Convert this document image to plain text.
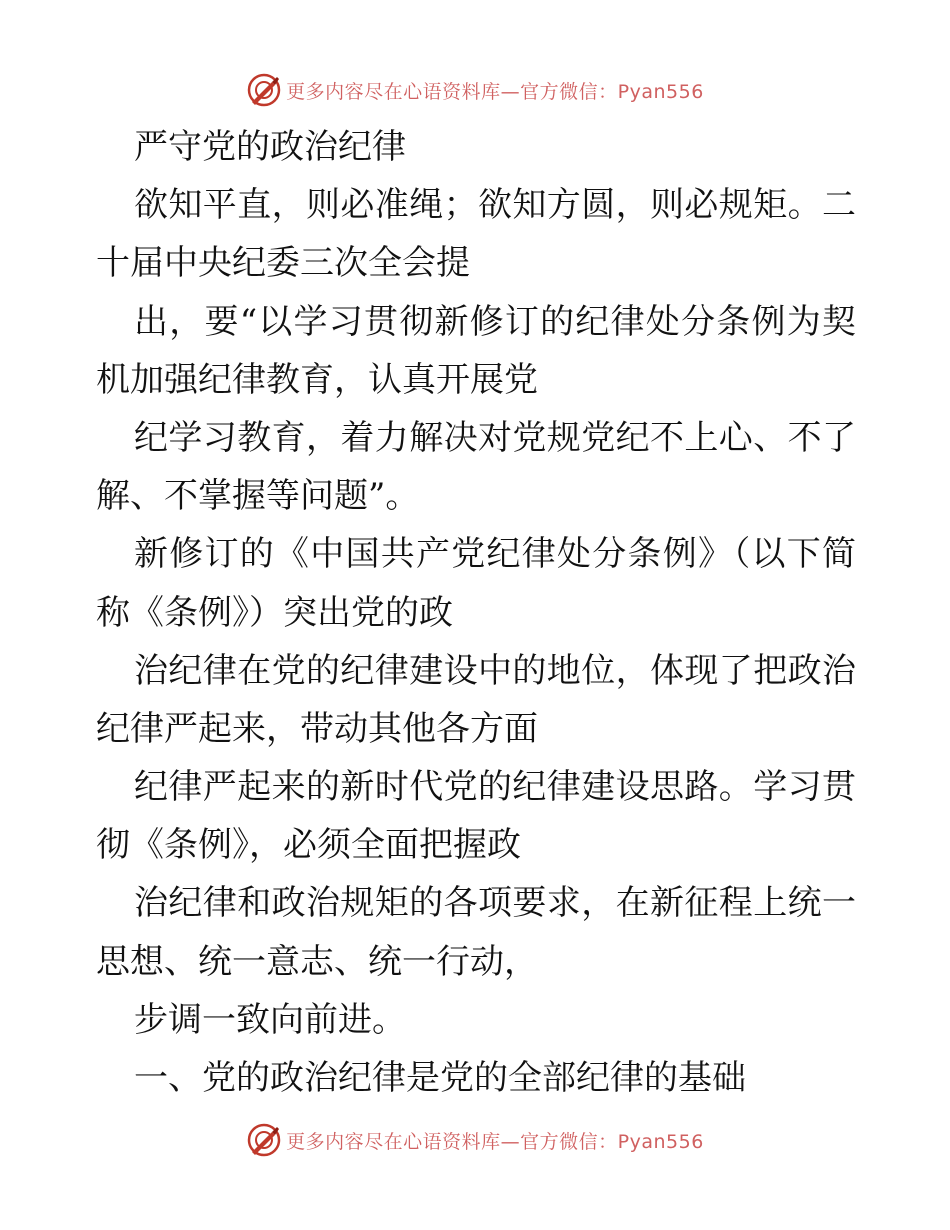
更多内容尽在心语资料库—官方微信：Pyan556
严守党的政治纪律
欲知平直，则必准绳；欲知方圆，则必规矩。二
十届中央纪委三次全会提
出，要“以学习贯彻新修订的纪律处分条例为契
机加强纪律教育，认真开展党
纪学习教育，着力解决对党规党纪不上心、不了
解、不掌握等问题”。
新修订的《中国共产党纪律处分条例》（以下简
称《条例》）突出党的政
治纪律在党的纪律建设中的地位，体现了把政治
纪律严起来，带动其他各方面
纪律严起来的新时代党的纪律建设思路。学习贯
彻《条例》，必须全面把握政
治纪律和政治规矩的各项要求，在新征程上统一
思想、统一意志、统一行动，
步调一致向前进。
一、党的政治纪律是党的全部纪律的基础
更多内容尽在心语资料库—官方微信：Pyan556
